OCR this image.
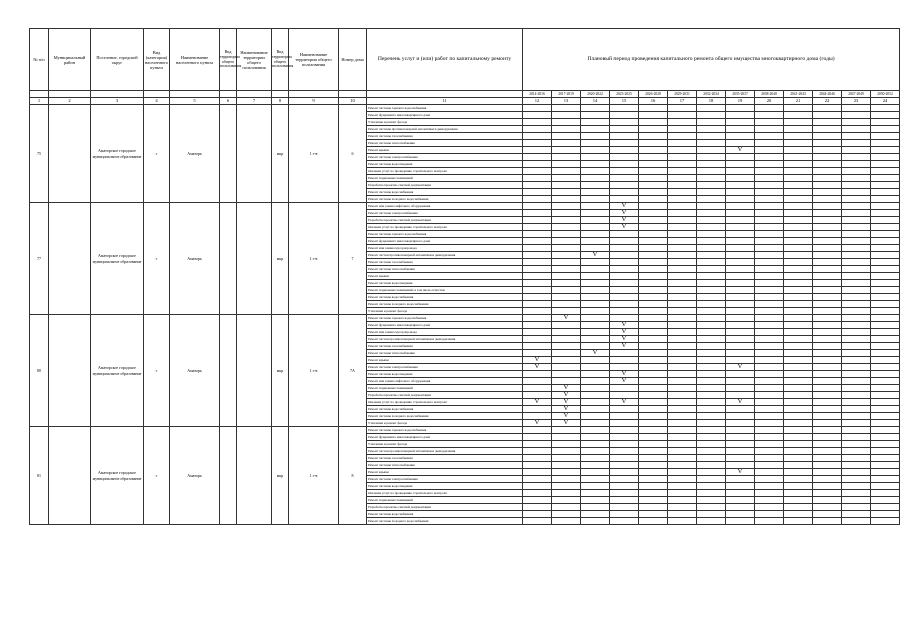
№ п/п	Муниципальный район	Поселение, городской округ	Вид (категория) населенного пункта	Наименование населенного пункта	Вид территории общего пользования	Наименование территории общего пользования	Вид территории общего пользования	Наименование территории общего пользования	Номер дома	Перечень услуг и (или) работ по капитальному ремонту	Плановый период проведения капитального ремонта общего имущества многоквартирного дома (годы)												
											2014-2016	2017-2019	2020-2022	2023-2025	2026-2028	2029-2031	2032-2034	2035-2037	2038-2040	2041-2043	2044-2046	2047-2049	2050-2052
1	2	3	4	5	6	7	8	9	10	11	12	13	14	15	16	17	18	19	20	21	22	23	24
75		Аматорское городское муниципальное образование	г	Аматорь			мкр	1 г-в	6	Ремонт системы горячего водоснабжения													
										Ремонт фундамента многоквартирного дома													
										Утепление и ремонт фасада													
										Ремонт системы противопожарной автоматики и дымоудаления													
										Ремонт системы газоснабжения													
										Ремонт системы теплоснабжения													
										Ремонт крыши								V					
										Ремонт системы электроснабжения													
										Ремонт системы водоотведения													
										Оказание услуг по проведению строительного контроля													
										Ремонт подвальных помещений													
										Разработка проектно-сметной документации													
										Ремонт системы водоснабжения													
										Ремонт системы холодного водоснабжения													
77		Аматорское городское муниципальное образование	г	Аматорь			мкр	1 г-в	7	Ремонт или замена лифтового оборудования				V									
										Ремонт системы электроснабжения				V									
										Разработка проектно-сметной документации				V									
										Оказание услуг по проведению строительного контроля				V									
										Ремонт системы горячего водоснабжения													
										Ремонт фундамента многоквартирного дома													
										Ремонт или замена мусоропровода													
										Ремонт систем противопожарной автоматики и дымоудаления			V										
										Ремонт системы газоснабжения													
										Ремонт системы теплоснабжения													
										Ремонт крыши													
										Ремонт системы водоотведения													
										Ремонт подвальных помещений, в том числе отмостки													
										Ремонт системы водоснабжения													
										Ремонт системы холодного водоснабжения													
										Утепление и ремонт фасада													
80		Аматорское городское муниципальное образование	г	Аматорь			мкр	1 г-в	7А	Ремонт системы горячего водоснабжения		V											
										Ремонт фундамента многоквартирного дома				V									
										Ремонт или замена мусоропровода				V									
										Ремонт систем противопожарной автоматики и дымоудаления				V									
										Ремонт системы газоснабжения				V									
										Ремонт системы теплоснабжения			V										
										Ремонт крыши	V												
										Ремонт системы электроснабжения	V							V					
										Ремонт системы водоотведения				V									
										Ремонт или замена лифтового оборудования				V									
										Ремонт подвальных помещений		V											
										Разработка проектно-сметной документации		V											
										Оказание услуг по проведению строительного контроля	V	V		V				V					
										Ремонт системы водоснабжения		V											
										Ремонт системы холодного водоснабжения		V											
										Утепление и ремонт фасада	V	V											
81		Аматорское городское муниципальное образование	г	Аматорь			мкр	1 г-в	8	Ремонт системы горячего водоснабжения													
										Ремонт фундамента многоквартирного дома													
										Утепление и ремонт фасада													
										Ремонт систем противопожарной автоматики и дымоудаления													
										Ремонт системы газоснабжения													
										Ремонт системы теплоснабжения													
										Ремонт крыши								V					
										Ремонт системы электроснабжения													
										Ремонт системы водоотведения													
										Оказание услуг по проведению строительного контроля													
										Ремонт подвальных помещений													
										Разработка проектно-сметной документации													
										Ремонт системы водоснабжения													
										Ремонт системы холодного водоснабжения													
